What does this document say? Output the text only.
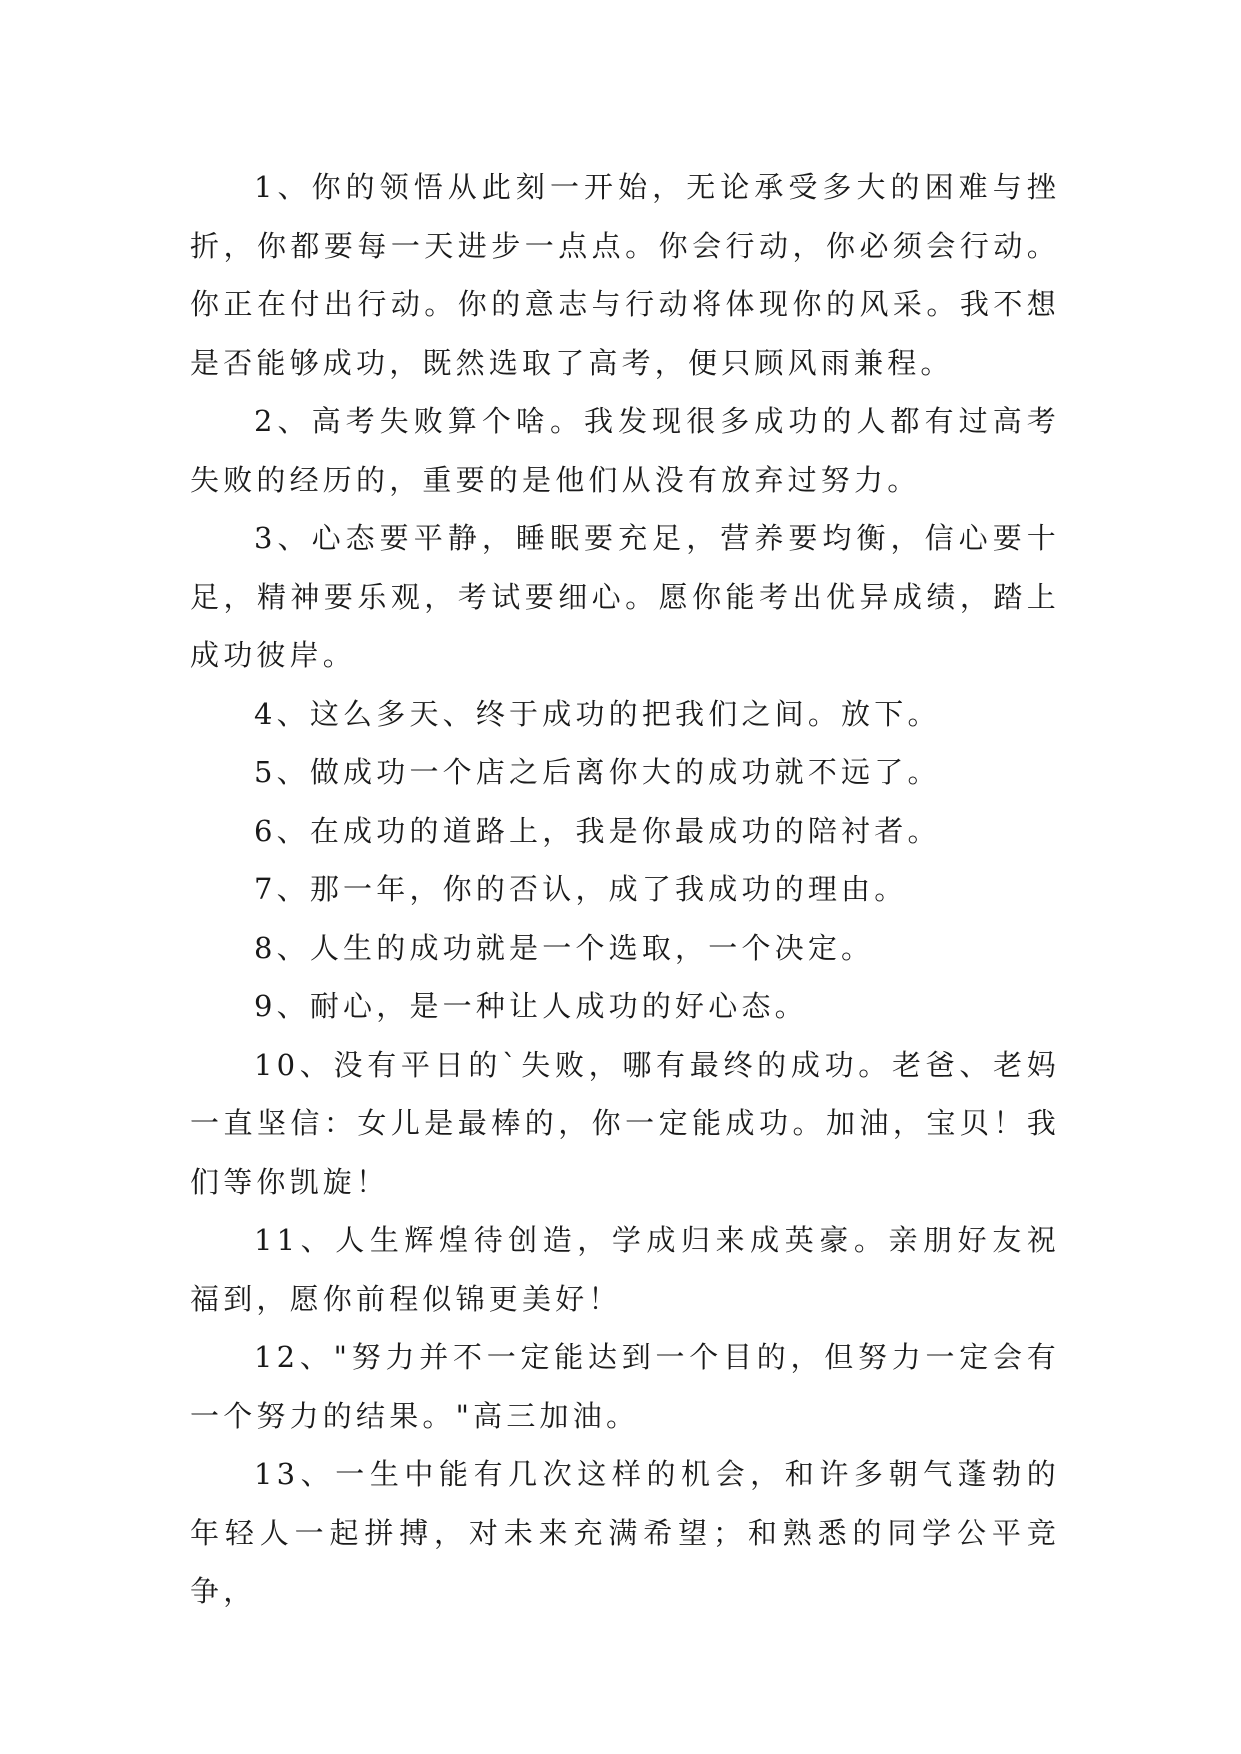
1、你的领悟从此刻一开始，无论承受多大的困难与挫折，你都要每一天进步一点点。你会行动，你必须会行动。你正在付出行动。你的意志与行动将体现你的风采。我不想是否能够成功，既然选取了高考，便只顾风雨兼程。

2、高考失败算个啥。我发现很多成功的人都有过高考失败的经历的，重要的是他们从没有放弃过努力。

3、心态要平静，睡眠要充足，营养要均衡，信心要十足，精神要乐观，考试要细心。愿你能考出优异成绩，踏上成功彼岸。

4、这么多天、终于成功的把我们之间。放下。

5、做成功一个店之后离你大的成功就不远了。

6、在成功的道路上，我是你最成功的陪衬者。

7、那一年，你的否认，成了我成功的理由。

8、人生的成功就是一个选取，一个决定。

9、耐心，是一种让人成功的好心态。

10、没有平日的`失败，哪有最终的成功。老爸、老妈一直坚信：女儿是最棒的，你一定能成功。加油，宝贝！我们等你凯旋！

11、人生辉煌待创造，学成归来成英豪。亲朋好友祝福到，愿你前程似锦更美好！

12、"努力并不一定能达到一个目的，但努力一定会有一个努力的结果。"高三加油。

13、一生中能有几次这样的机会，和许多朝气蓬勃的年轻人一起拼搏，对未来充满希望；和熟悉的同学公平竞争，
